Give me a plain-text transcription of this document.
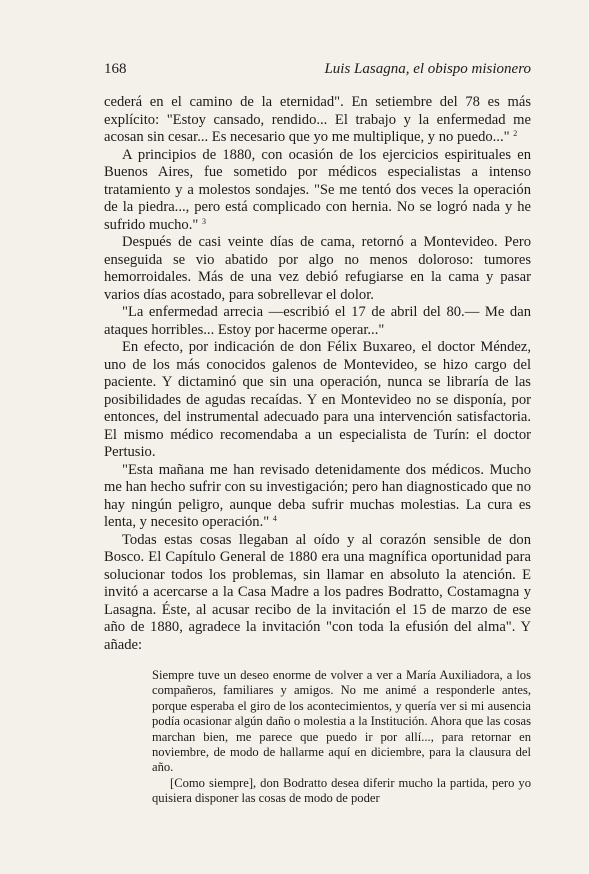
168	Luis Lasagna, el obispo misionero

cederá en el camino de la eternidad". En setiembre del 78 es más explícito: "Estoy cansado, rendido... El trabajo y la enfermedad me acosan sin cesar... Es necesario que yo me multiplique, y no puedo..." $^2$

A principios de 1880, con ocasión de los ejercicios espirituales en Buenos Aires, fue sometido por médicos especialistas a intenso tratamiento y a molestos sondajes. "Se me tentó dos veces la operación de la piedra..., pero está complicado con hernia. No se logró nada y he sufrido mucho." $^3$

Después de casi veinte días de cama, retornó a Montevideo. Pero enseguida se vio abatido por algo no menos doloroso: tumores hemorroidales. Más de una vez debió refugiarse en la cama y pasar varios días acostado, para sobrellevar el dolor.

"La enfermedad arrecia —escribió el 17 de abril del 80.— Me dan ataques horribles... Estoy por hacerme operar..."

En efecto, por indicación de don Félix Buxareo, el doctor Méndez, uno de los más conocidos galenos de Montevideo, se hizo cargo del paciente. Y dictaminó que sin una operación, nunca se libraría de las posibilidades de agudas recaídas. Y en Montevideo no se disponía, por entonces, del instrumental adecuado para una intervención satisfactoria. El mismo médico recomendaba a un especialista de Turín: el doctor Pertusio.

"Esta mañana me han revisado detenidamente dos médicos. Mucho me han hecho sufrir con su investigación; pero han diagnosticado que no hay ningún peligro, aunque deba sufrir muchas molestias. La cura es lenta, y necesito operación." $^4$

Todas estas cosas llegaban al oído y al corazón sensible de don Bosco. El Capítulo General de 1880 era una magnífica oportunidad para solucionar todos los problemas, sin llamar en absoluto la atención. E invitó a acercarse a la Casa Madre a los padres Bodratto, Costamagna y Lasagna. Éste, al acusar recibo de la invitación el 15 de marzo de ese año de 1880, agradece la invitación "con toda la efusión del alma". Y añade:

Siempre tuve un deseo enorme de volver a ver a María Auxiliadora, a los compañeros, familiares y amigos. No me animé a responderle antes, porque esperaba el giro de los acontecimientos, y quería ver si mi ausencia podía ocasionar algún daño o molestia a la Institución. Ahora que las cosas marchan bien, me parece que puedo ir por allí..., para retornar en noviembre, de modo de hallarme aquí en diciembre, para la clausura del año.

[Como siempre], don Bodratto desea diferir mucho la partida, pero yo quisiera disponer las cosas de modo de poder
